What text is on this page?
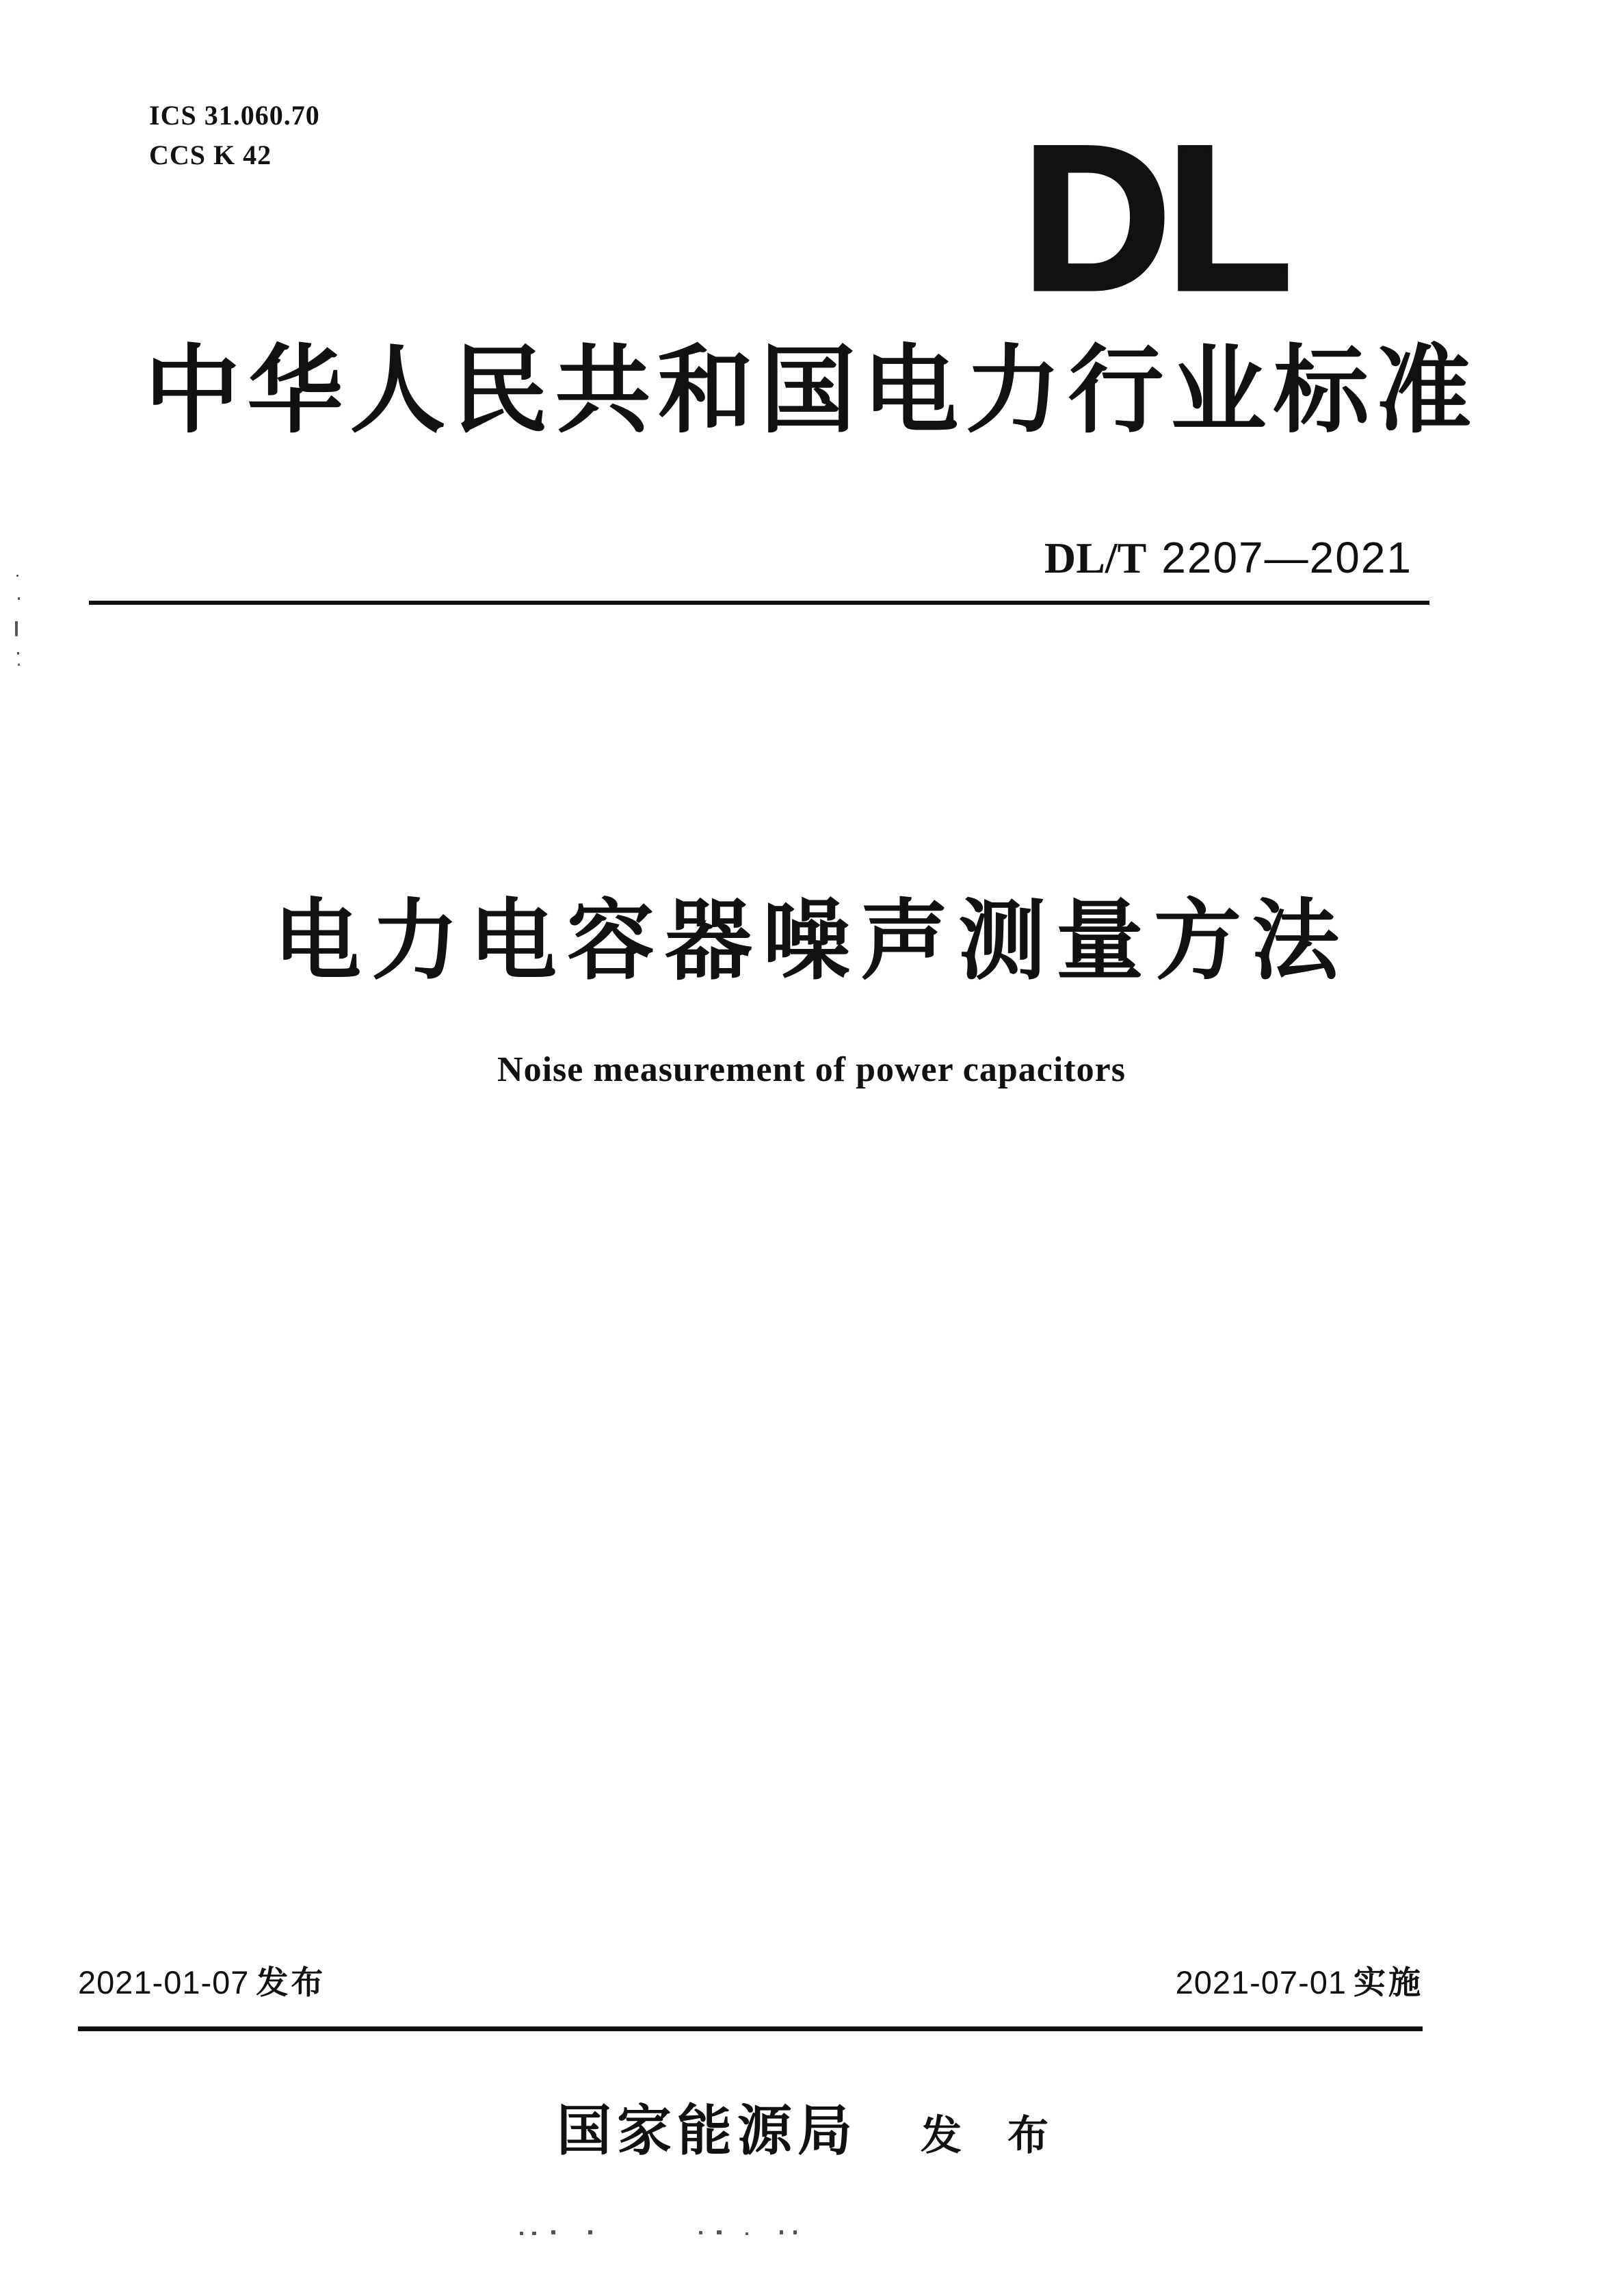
ICS 31.060.70
CCS K 42	DL
中华人民共和国电力行业标准
DL/T 2207—2021
电力电容器噪声测量方法
Noise measurement of power capacitors
2021-01-07 发布	2021-07-01 实施
国家能源局 发 布
